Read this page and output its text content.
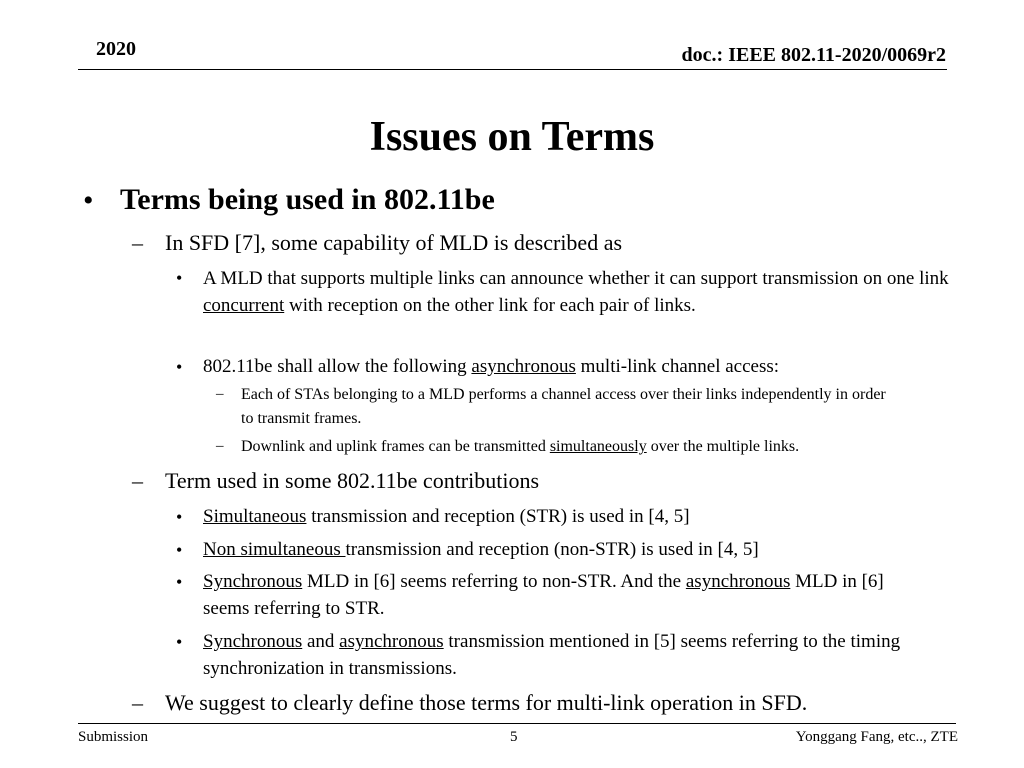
2020	doc.: IEEE 802.11-2020/0069r2
Issues on Terms
• Terms being used in 802.11be
– In SFD [7], some capability of MLD is described as
• A MLD that supports multiple links can announce whether it can support transmission on one link concurrent with reception on the other link for each pair of links.
• 802.11be shall allow the following asynchronous multi-link channel access:
– Each of STAs belonging to a MLD performs a channel access over their links independently in order to transmit frames.
– Downlink and uplink frames can be transmitted simultaneously over the multiple links.
– Term used in some 802.11be contributions
• Simultaneous transmission and reception (STR) is used in [4, 5]
• Non simultaneous transmission and reception (non-STR) is used in [4, 5]
• Synchronous MLD in [6] seems referring to non-STR. And the asynchronous MLD in [6] seems referring to STR.
• Synchronous and asynchronous transmission mentioned in [5] seems referring to the timing synchronization in transmissions.
– We suggest to clearly define those terms for multi-link operation in SFD.
Submission	5	Yonggang Fang, etc.., ZTE
